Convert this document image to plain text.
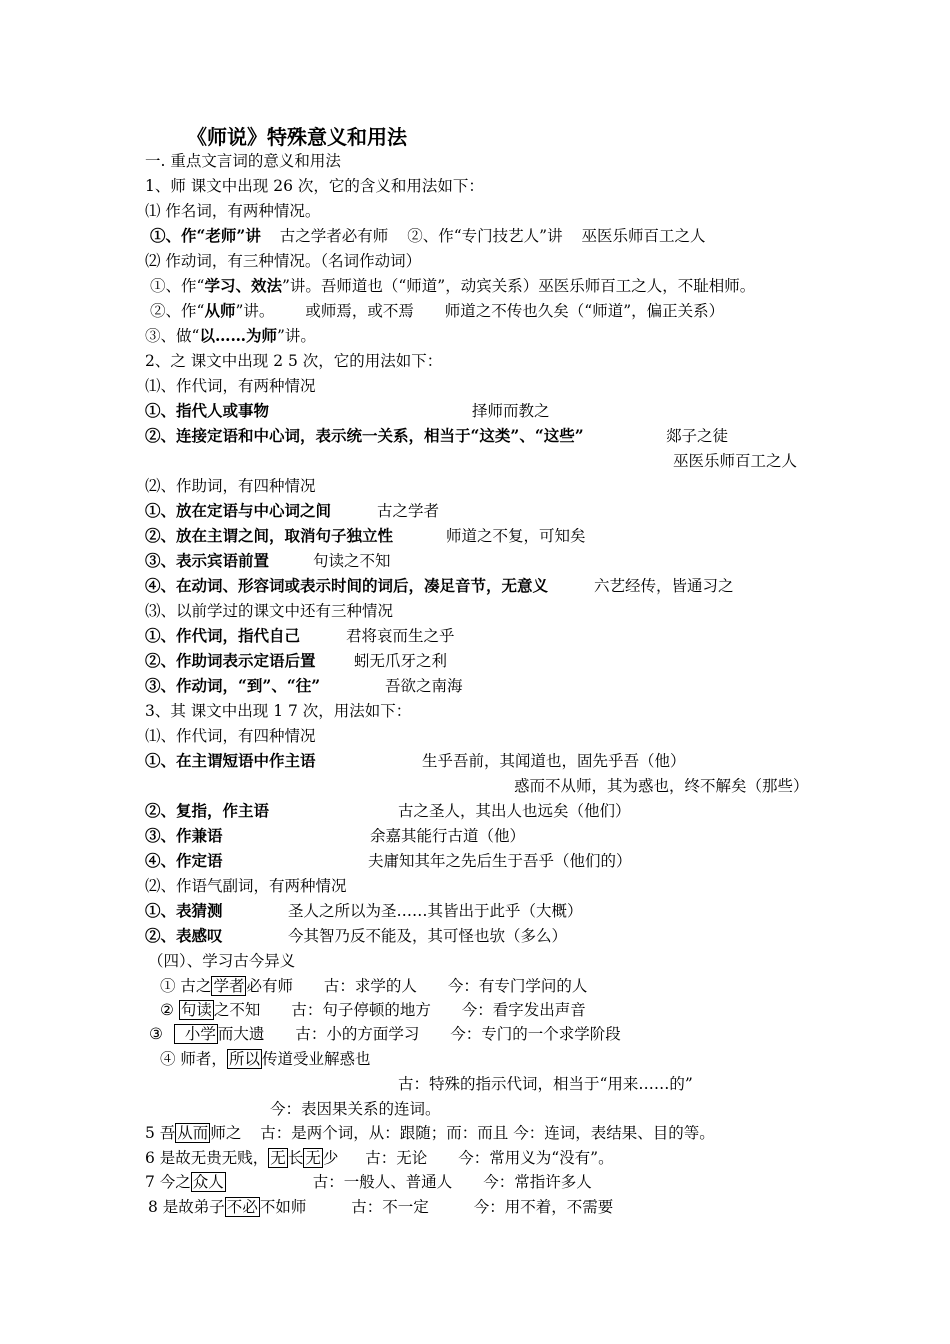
《师说》特殊意义和用法
一. 重点文言词的意义和用法
1、师 课文中出现 26 次，它的含义和用法如下：
⑴ 作名词，有两种情况。
①、作“老师”讲 古之学者必有师 ②、作“专门技艺人”讲 巫医乐师百工之人
⑵ 作动词，有三种情况。（名词作动词）
①、作“学习、效法”讲。吾师道也（“师道”，动宾关系）巫医乐师百工之人，不耻相师。
②、作“从师”讲。 或师焉，或不焉 师道之不传也久矣（“师道”，偏正关系）
③、做“以……为师”讲。
2、之 课文中出现 2 5 次，它的用法如下：
⑴、作代词，有两种情况
①、指代人或事物	择师而教之
②、连接定语和中心词，表示统一关系，相当于“这类”、“这些”	郯子之徒
巫医乐师百工之人
⑵、作助词，有四种情况
①、放在定语与中心词之间	古之学者
②、放在主谓之间，取消句子独立性	师道之不复，可知矣
③、表示宾语前置	句读之不知
④、在动词、形容词或表示时间的词后，凑足音节，无意义	六艺经传，皆通习之
⑶、以前学过的课文中还有三种情况
①、作代词，指代自己	君将哀而生之乎
②、作助词表示定语后置 蚓无爪牙之利
③、作动词，“到”、“往”	吾欲之南海
3、其 课文中出现 1 7 次，用法如下：
⑴、作代词，有四种情况
①、在主谓短语中作主语	生乎吾前，其闻道也，固先乎吾（他）
惑而不从师，其为惑也，终不解矣（那些）
②、复指，作主语	古之圣人，其出人也远矣（他们）
③、作兼语	余嘉其能行古道（他）
④、作定语	夫庸知其年之先后生于吾乎（他们的）
⑵、作语气副词，有两种情况
①、表猜测	圣人之所以为圣……其皆出于此乎（大概）
②、表感叹	今其智乃反不能及，其可怪也欤（多么）
（四）、学习古今异义
① 古之 学者 必有师 古：求学的人 今：有专门学问的人
② 句读 之不知 古：句子停顿的地方 今：看字发出声音
③ 小学 而大遗 古：小的方面学习 今：专门的一个求学阶段
④ 师者， 所以 传道受业解惑也
古：特殊的指示代词，相当于“用来……的”
今：表因果关系的连词。
5 吾 从而 师之 古：是两个词，从：跟随；而：而且 今：连词，表结果、目的等。
6 是故无贵无贱， 无 长 无 少 古：无论 今：常用义为“没有”。
7 今之 众人	古：一般人、普通人 今：常指许多人
8 是故弟子 不必 不如师	古：不一定	今：用不着，不需要
